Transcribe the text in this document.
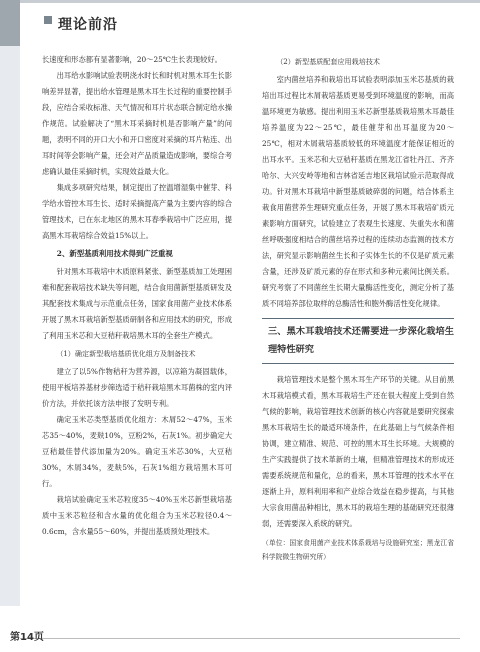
理论前沿

长速度和形态都有显著影响，20～25℃生长表现较好。

出耳给水影响试验表明浇水时长和时机对黑木耳生长影响差异显著，提出给水管理是黑木耳生长过程的重要控制手段，应结合采收标准、天气情况和耳片状态联合制定给水操作规范。试验解决了“黑木耳采摘时机是否影响产量”的问题，表明不同的开口大小和开口密度对采摘的耳片粘连、出耳时间等会影响产量，还会对产品质量造成影响，要综合考虑确认最佳采摘时机，实现效益最大化。

集成多项研究结果，制定提出了控温增湿集中催芽、科学给水管控木耳生长、适时采摘提高产量为主要内容的综合管理技术，已在东北地区的黑木耳春季栽培中广泛应用，提高黑木耳栽培综合效益15%以上。

2、新型基质利用技术得到广泛重视

针对黑木耳栽培中木质原料紧张、新型基质加工处理困难和配套栽培技术缺失等问题，结合食用菌新型基质研发及其配套技术集成与示范重点任务，国家食用菌产业技术体系开展了黑木耳栽培新型基质研制各和应用技术的研究，形成了利用玉米芯和大豆秸秆栽培黑木耳的全套生产模式。

（1）确定新型栽培基质优化组方及制备技术

建立了以5%作物秸秆为营养源，以凉箱为凝固载体，使用平板培养基材步筛选适于秸秆栽培黑木耳菌株的室内评价方法，并依托该方法申报了发明专利。

确定玉米芯类型基质优化组方：木屑52～47%，玉米芯35～40%，麦麸10%，豆粉2%，石灰1%。初步确定大豆秸最佳替代添加量为20%。确定玉米芯30%，大豆秸30%，木屑34%，麦麸5%，石灰1%组方栽培黑木耳可行。

栽培试验确定玉米芯粒度35～40%玉米芯新型栽培基质中玉米芯粒径和含水量的优化组合为玉米芯粒径0.4～0.6cm，含水量55～60%，并提出基质预处理技术。

（2）新型基质配套应用栽培技术

室内菌丝培养和栽培出耳试验表明添加玉米芯基质的栽培出耳过程比木屑栽培基质更易受到环境温度的影响，而高温环境更为敏感。提出利用玉米芯新型基质栽培黑木耳最佳培养温度为22～25℃，最佳催芽和出耳温度为20～25℃，相对木屑栽培基质较低的环境温度才能保证相近的出耳水平。玉米芯和大豆秸秆基质在黑龙江省牡丹江、齐齐哈尔、大兴安岭等地和吉林省延吉地区栽培试验示范取得成功。针对黑木耳栽培中新型基质破碎弱的问题，结合体系主栽食用菌营养生理研究重点任务，开展了黑木耳栽培矿质元素影响方面研究，试验建立了表观生长速度、失重失水和菌丝呼吸强度相结合的菌丝培养过程的连续动态监测的技术方法，研究显示影响菌丝生长和子实体生长的不仅是矿质元素含量，还涉及矿质元素的存在形式和多种元素间比例关系。研究考察了不同菌丝生长期大量酶活性变化，测定分析了基质不同培养部位取样的总酶活性和胞外酶活性变化规律。

三、黑木耳栽培技术还需要进一步深化栽培生理特性研究

栽培管理技术是整个黑木耳生产环节的关键。从目前黑木耳栽培模式看，黑木耳栽培生产还在很大程度上受到自然气候的影响，栽培管理技术创新的核心内容就是要研究探索黑木耳栽培生长的最适环境条件，在此基础上与气候条件相协调，建立精准、规范、可控的黑木耳生长环境。大规模的生产实践提供了技术革新的土壤，但精准管理技术的形成还需要系统规范和量化，总的看来，黑木耳管理的技术水平在逐渐上升，原料利用率和产业综合效益在稳步提高，与其他大宗食用菌品种相比，黑木耳的栽培生理的基础研究还很薄弱，还需要深入系统的研究。

（单位：国家食用菌产业技术体系栽培与设施研究室；黑龙江省科学院微生物研究所）

第14页
